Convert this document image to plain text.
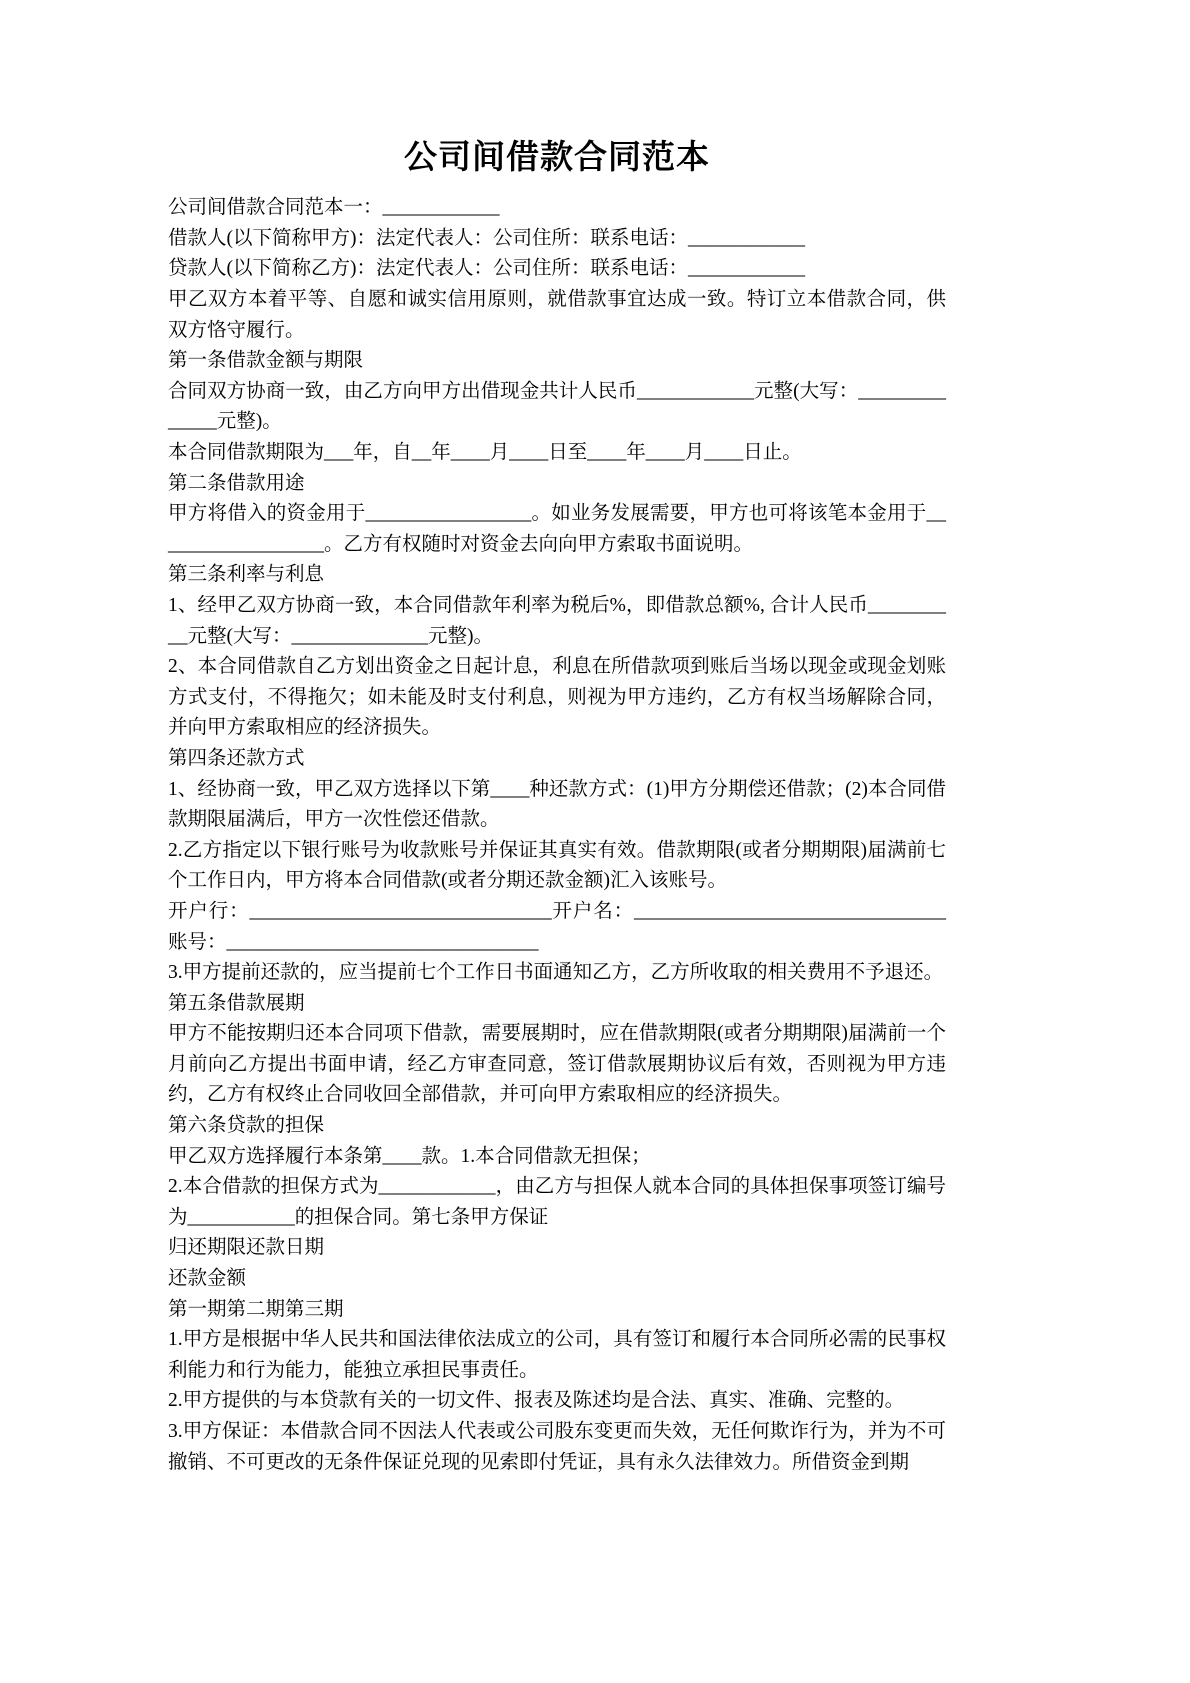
公司间借款合同范本

公司间借款合同范本一：____________

借款人(以下简称甲方)：法定代表人：公司住所：联系电话：____________

贷款人(以下简称乙方)：法定代表人：公司住所：联系电话：____________

甲乙双方本着平等、自愿和诚实信用原则，就借款事宜达成一致。特订立本借款合同，供双方恪守履行。

第一条借款金额与期限

合同双方协商一致，由乙方向甲方出借现金共计人民币____________元整(大写：______________元整)。

本合同借款期限为___年，自__年____月____日至____年____月____日止。

第二条借款用途

甲方将借入的资金用于_________________。如业务发展需要，甲方也可将该笔本金用于__________________。乙方有权随时对资金去向向甲方索取书面说明。

第三条利率与利息

1、经甲乙双方协商一致，本合同借款年利率为税后%，即借款总额%, 合计人民币__________元整(大写：______________元整)。

2、本合同借款自乙方划出资金之日起计息，利息在所借款项到账后当场以现金或现金划账方式支付，不得拖欠；如未能及时支付利息，则视为甲方违约，乙方有权当场解除合同，并向甲方索取相应的经济损失。

第四条还款方式

1、经协商一致，甲乙双方选择以下第____种还款方式：(1)甲方分期偿还借款；(2)本合同借款期限届满后，甲方一次性偿还借款。

2.乙方指定以下银行账号为收款账号并保证其真实有效。借款期限(或者分期期限)届满前七个工作日内，甲方将本合同借款(或者分期还款金额)汇入该账号。

开户行：_______________________________开户名：________________________________账号：________________________________

3.甲方提前还款的，应当提前七个工作日书面通知乙方，乙方所收取的相关费用不予退还。

第五条借款展期

甲方不能按期归还本合同项下借款，需要展期时，应在借款期限(或者分期期限)届满前一个月前向乙方提出书面申请，经乙方审查同意，签订借款展期协议后有效，否则视为甲方违约，乙方有权终止合同收回全部借款，并可向甲方索取相应的经济损失。

第六条贷款的担保

甲乙双方选择履行本条第____款。1.本合同借款无担保；

2.本合借款的担保方式为____________，由乙方与担保人就本合同的具体担保事项签订编号为___________的担保合同。第七条甲方保证

归还期限还款日期

还款金额

第一期第二期第三期

1.甲方是根据中华人民共和国法律依法成立的公司，具有签订和履行本合同所必需的民事权利能力和行为能力，能独立承担民事责任。

2.甲方提供的与本贷款有关的一切文件、报表及陈述均是合法、真实、准确、完整的。

3.甲方保证：本借款合同不因法人代表或公司股东变更而失效，无任何欺诈行为，并为不可撤销、不可更改的无条件保证兑现的见索即付凭证，具有永久法律效力。所借资金到期
